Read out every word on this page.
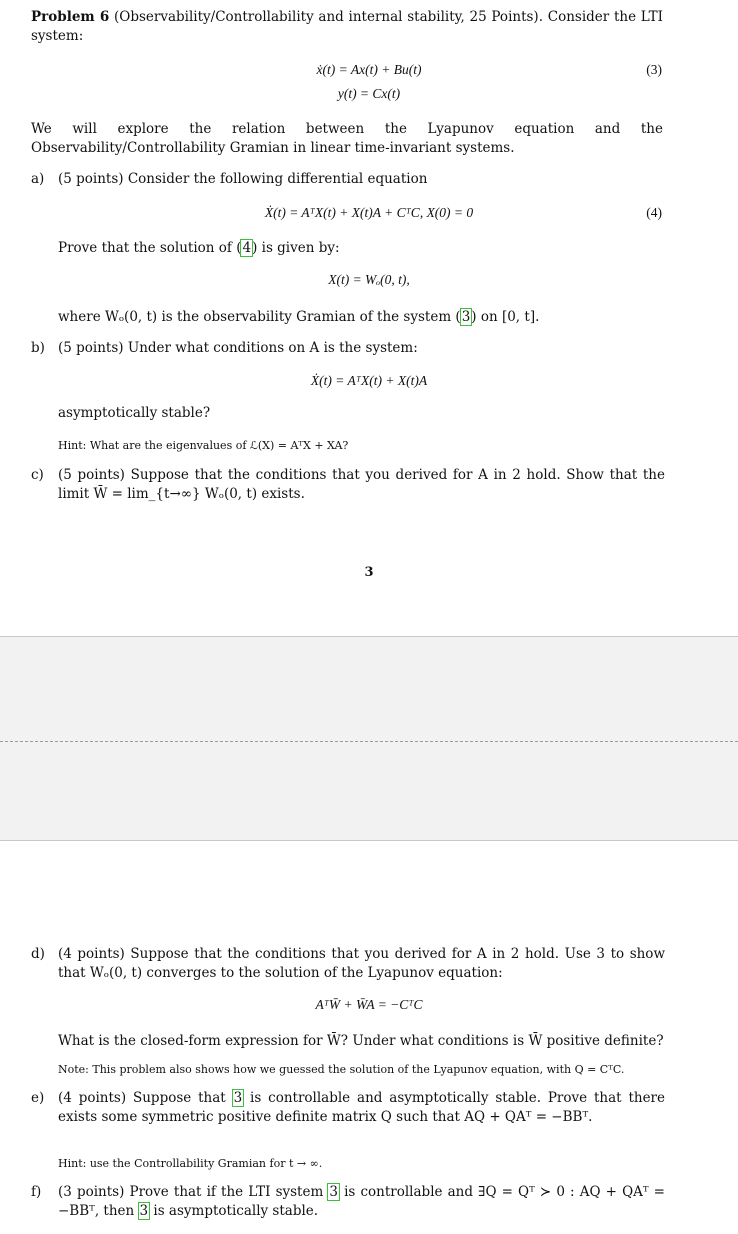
Problem 6 (Observability/Controllability and internal stability, 25 Points). Consider the LTI system:
ẋ(t) = Ax(t) + Bu(t)
y(t) = Cx(t)
(3)
We will explore the relation between the Lyapunov equation and the Observability/Controllability Gramian in linear time-invariant systems.
a) (5 points) Consider the following differential equation
Ẋ(t) = AᵀX(t) + X(t)A + CᵀC, X(0) = 0	(4)
Prove that the solution of (4) is given by:
X(t) = Wₒ(0, t),
where Wₒ(0, t) is the observability Gramian of the system (3) on [0, t].
b) (5 points) Under what conditions on A is the system:
Ẋ(t) = AᵀX(t) + X(t)A
asymptotically stable?
Hint: What are the eigenvalues of ℒ(X) = AᵀX + XA?
c) (5 points) Suppose that the conditions that you derived for A in 2 hold. Show that the limit W̄ = lim_{t→∞} Wₒ(0, t) exists.
3
d) (4 points) Suppose that the conditions that you derived for A in 2 hold. Use 3 to show that Wₒ(0, t) converges to the solution of the Lyapunov equation:
AᵀW̄ + W̄A = −CᵀC
What is the closed-form expression for W̄? Under what conditions is W̄ positive definite?
Note: This problem also shows how we guessed the solution of the Lyapunov equation, with Q = CᵀC.
e) (4 points) Suppose that 3 is controllable and asymptotically stable. Prove that there exists some symmetric positive definite matrix Q such that AQ + QAᵀ = −BBᵀ.
Hint: use the Controllability Gramian for t → ∞.
f) (3 points) Prove that if the LTI system 3 is controllable and ∃Q = Qᵀ ≻ 0 : AQ + QAᵀ = −BBᵀ, then 3 is asymptotically stable.
